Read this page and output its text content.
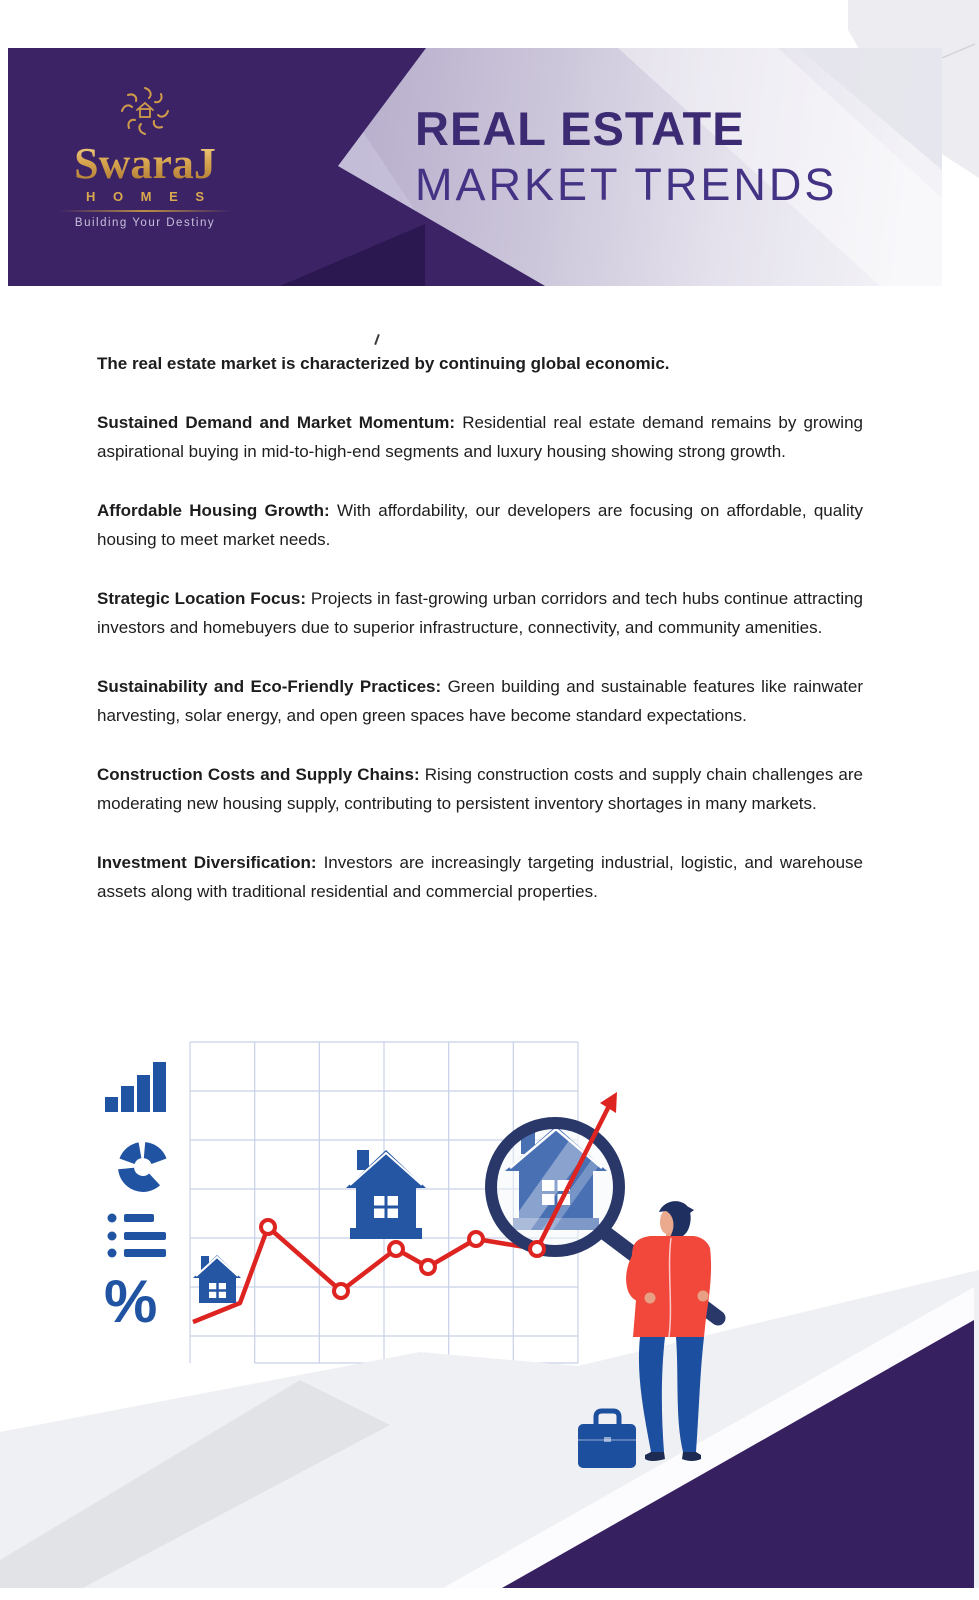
SwaraJ
H O M E S
Building Your Destiny
REAL ESTATE
MARKET TRENDS

The real estate market is characterized by continuing global economic.

Sustained Demand and Market Momentum: Residential real estate demand remains by growing aspirational buying in mid-to-high-end segments and luxury housing showing strong growth.

Affordable Housing Growth: With affordability, our developers are focusing on affordable, quality housing to meet market needs.

Strategic Location Focus: Projects in fast-growing urban corridors and tech hubs continue attracting investors and homebuyers due to superior infrastructure, connectivity, and community amenities.

Sustainability and Eco-Friendly Practices: Green building and sustainable features like rainwater harvesting, solar energy, and open green spaces have become standard expectations.

Construction Costs and Supply Chains: Rising construction costs and supply chain challenges are moderating new housing supply, contributing to persistent inventory shortages in many markets.

Investment Diversification: Investors are increasingly targeting industrial, logistic, and warehouse assets along with traditional residential and commercial properties.

%
